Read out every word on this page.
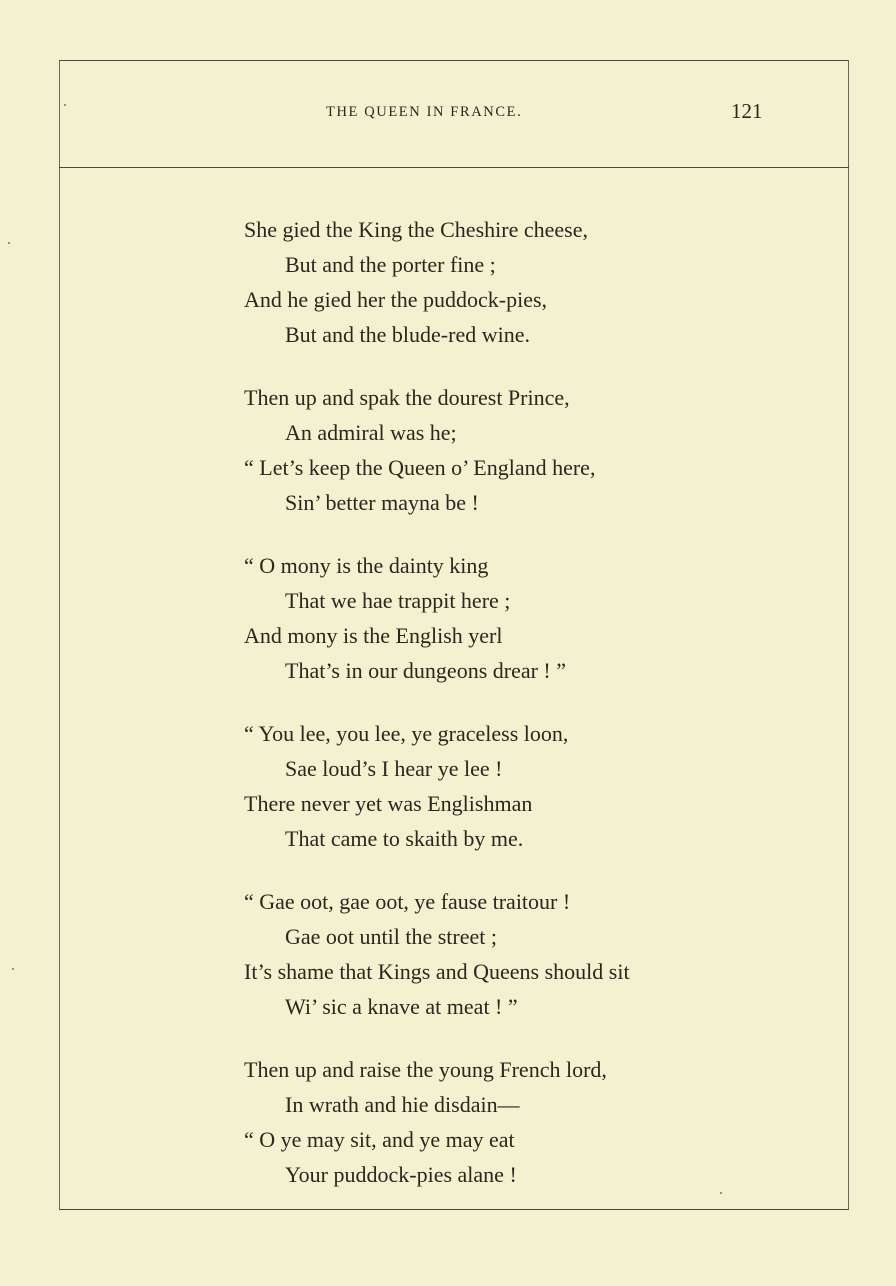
THE QUEEN IN FRANCE.	121
She gied the King the Cheshire cheese,
But and the porter fine ;
And he gied her the puddock-pies,
But and the blude-red wine.
Then up and spak the dourest Prince,
An admiral was he;
“ Let’s keep the Queen o’ England here,
Sin’ better mayna be !
“ O mony is the dainty king
That we hae trappit here ;
And mony is the English yerl
That’s in our dungeons drear ! ”
“ You lee, you lee, ye graceless loon,
Sae loud’s I hear ye lee !
There never yet was Englishman
That came to skaith by me.
“ Gae oot, gae oot, ye fause traitour !
Gae oot until the street ;
It’s shame that Kings and Queens should sit
Wi’ sic a knave at meat ! ”
Then up and raise the young French lord,
In wrath and hie disdain—
“ O ye may sit, and ye may eat
Your puddock-pies alane !
